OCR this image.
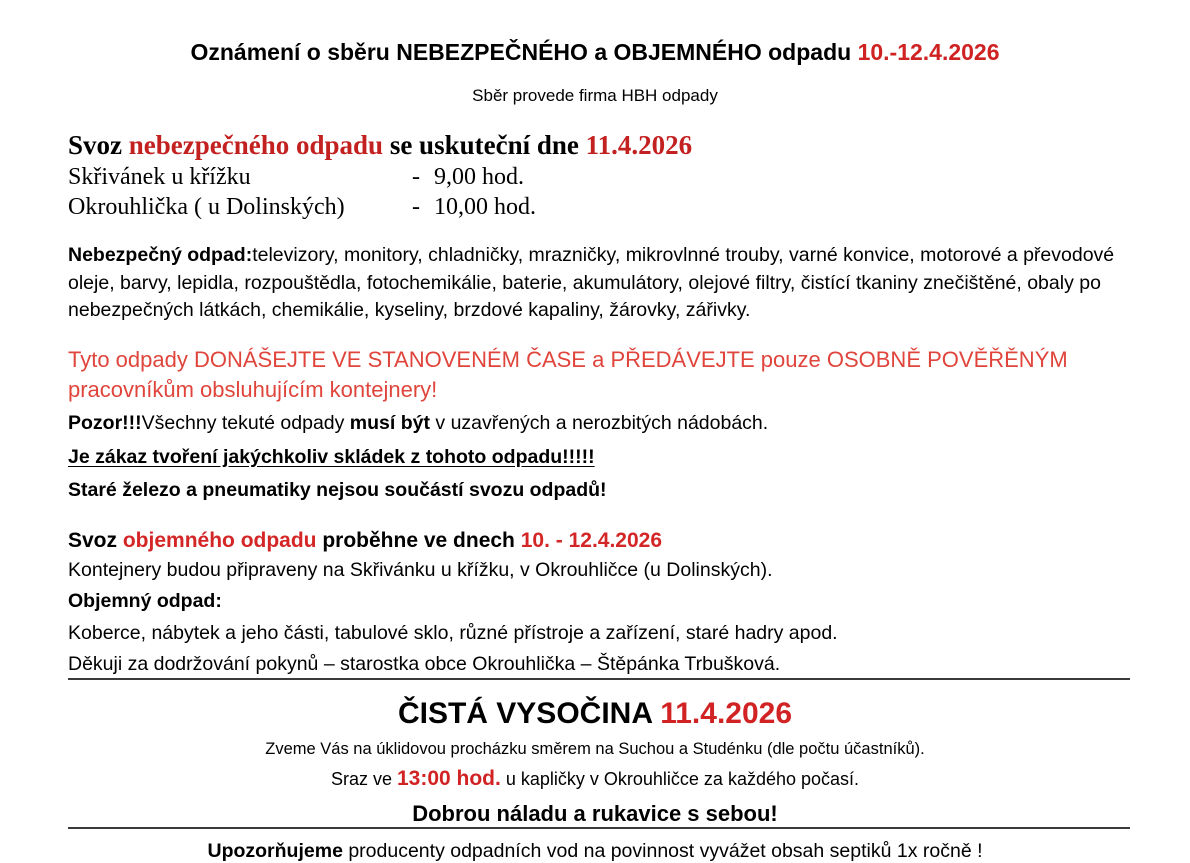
Oznámení o sběru NEBEZPEČNÉHO a OBJEMNÉHO odpadu 10.-12.4.2026

Sběr provede firma HBH odpady

Svoz nebezpečného odpadu se uskuteční dne 11.4.2026
Skřivánek u křížku	-	9,00 hod.
Okrouhlička ( u Dolinských)	-	10,00 hod.

Nebezpečný odpad:televizory, monitory, chladničky, mrazničky, mikrovlnné trouby, varné konvice, motorové a převodové oleje, barvy, lepidla, rozpouštědla, fotochemikálie, baterie, akumulátory, olejové filtry, čistící tkaniny znečištěné, obaly po nebezpečných látkách, chemikálie, kyseliny, brzdové kapaliny, žárovky, zářivky.

Tyto odpady DONÁŠEJTE VE STANOVENÉM ČASE a PŘEDÁVEJTE pouze OSOBNĚ POVĚŘĚNÝM pracovníkům obsluhujícím kontejnery!

Pozor!!!Všechny tekuté odpady musí být v uzavřených a nerozbitých nádobách.

Je zákaz tvoření jakýchkoliv skládek z tohoto odpadu!!!!!

Staré železo a pneumatiky nejsou součástí svozu odpadů!

Svoz objemného odpadu proběhne ve dnech 10. - 12.4.2026

Kontejnery budou připraveny na Skřivánku u křížku, v Okrouhličce (u Dolinských).

Objemný odpad:

Koberce, nábytek a jeho části, tabulové sklo, různé přístroje a zařízení, staré hadry apod.

Děkuji za dodržování pokynů – starostka obce Okrouhlička – Štěpánka Trbušková.

ČISTÁ VYSOČINA 11.4.2026

Zveme Vás na úklidovou procházku směrem na Suchou a Studénku (dle počtu účastníků).

Sraz ve 13:00 hod. u kapličky v Okrouhličce za každého počasí.

Dobrou náladu a rukavice s sebou!

Upozorňujeme producenty odpadních vod na povinnost vyvážet obsah septiků 1x ročně !
